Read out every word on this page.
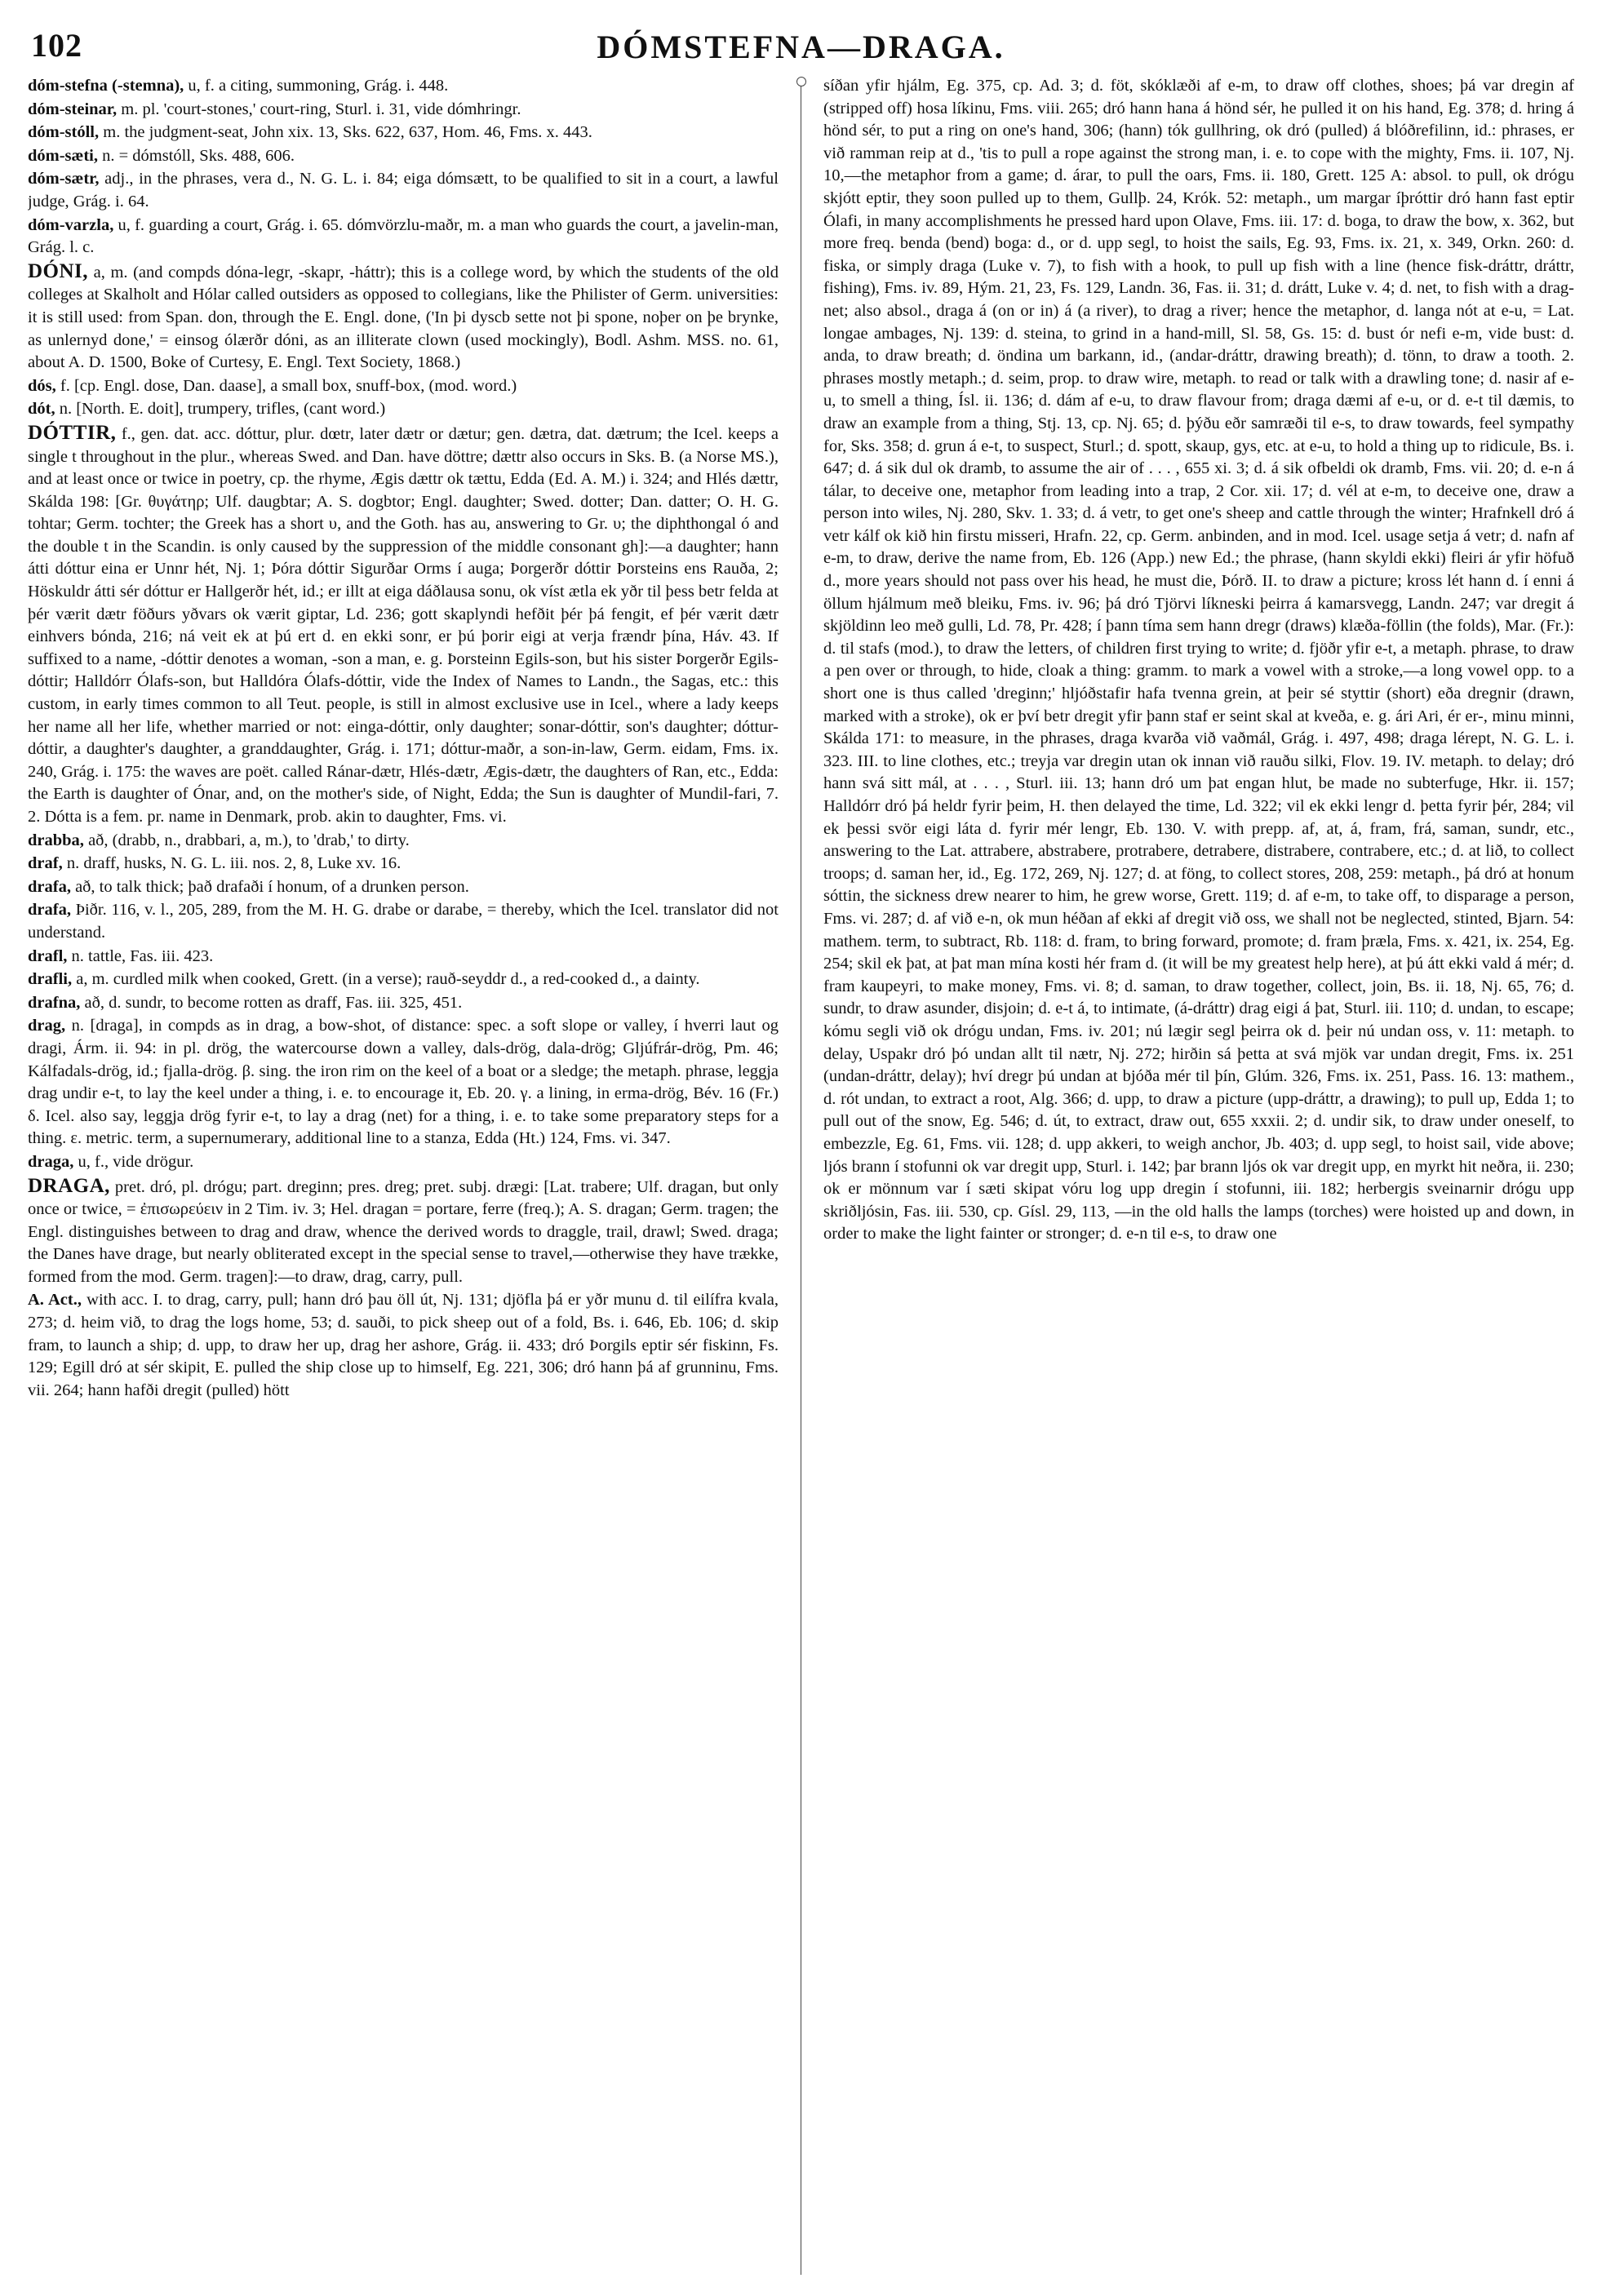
102	DÓMSTEFNA—DRAGA.

dóm-stefna (-stemna), u, f. a citing, summoning, Grág. i. 448.

dóm-steinar, m. pl. 'court-stones,' court-ring, Sturl. i. 31, vide dómhringr.

dóm-stóll, m. the judgment-seat, John xix. 13, Sks. 622, 637, Hom. 46, Fms. x. 443.

dóm-sæti, n. = dómstóll, Sks. 488, 606.

dóm-sætr, adj., in the phrases, vera d., N. G. L. i. 84; eiga dómsætt, to be qualified to sit in a court, a lawful judge, Grág. i. 64.

dóm-varzla, u, f. guarding a court, Grág. i. 65. dómvörzlu-maðr, m. a man who guards the court, a javelin-man, Grág. l. c.

DÓNI, a, m. (and compds dóna-legr, -skapr, -háttr); this is a college word, by which the students of the old colleges at Skalholt and Hólar called outsiders as opposed to collegians, like the Philister of Germ. universities: it is still used: from Span. don, through the E. Engl. done, ('In þi dyscb sette not þi spone, noþer on þe brynke, as unlernyd done,' = einsog ólærðr dóni, as an illiterate clown (used mockingly), Bodl. Ashm. MSS. no. 61, about A. D. 1500, Boke of Curtesy, E. Engl. Text Society, 1868.)

dós, f. [cp. Engl. dose, Dan. daase], a small box, snuff-box, (mod. word.)

dót, n. [North. E. doit], trumpery, trifles, (cant word.)

DÓTTIR, f., gen. dat. acc. dóttur, plur. dœtr, later dætr or dætur; gen. dætra, dat. dætrum; the Icel. keeps a single t throughout in the plur., whereas Swed. and Dan. have döttre; dættr also occurs in Sks. B. (a Norse MS.), and at least once or twice in poetry, cp. the rhyme, Ægis dættr ok tættu, Edda (Ed. A. M.) i. 324; and Hlés dættr, Skálda 198: [Gr. θυγάτηρ; Ulf. daugbtar; A. S. dogbtor; Engl. daughter; Swed. dotter; Dan. datter; O. H. G. tohtar; Germ. tochter; the Greek has a short υ, and the Goth. has au, answering to Gr. υ; the diphthongal ó and the double t in the Scandin. is only caused by the suppression of the middle consonant gh]:—a daughter; hann átti dóttur eina er Unnr hét, Nj. 1; Þóra dóttir Sigurðar Orms í auga; Þorgerðr dóttir Þorsteins ens Rauða, 2; Höskuldr átti sér dóttur er Hallgerðr hét, id.; er illt at eiga dáðlausa sonu, ok víst ætla ek yðr til þess betr felda at þér værit dætr föðurs yðvars ok værit giptar, Ld. 236; gott skaplyndi hefðit þér þá fengit, ef þér værit dætr einhvers bónda, 216; ná veit ek at þú ert d. en ekki sonr, er þú þorir eigi at verja frændr þína, Háv. 43. If suffixed to a name, -dóttir denotes a woman, -son a man, e. g. Þorsteinn Egils-son, but his sister Þorgerðr Egils-dóttir; Halldórr Ólafs-son, but Halldóra Ólafs-dóttir, vide the Index of Names to Landn., the Sagas, etc.: this custom, in early times common to all Teut. people, is still in almost exclusive use in Icel., where a lady keeps her name all her life, whether married or not: einga-dóttir, only daughter; sonar-dóttir, son's daughter; dóttur-dóttir, a daughter's daughter, a granddaughter, Grág. i. 171; dóttur-maðr, a son-in-law, Germ. eidam, Fms. ix. 240, Grág. i. 175: the waves are poët. called Ránar-dætr, Hlés-dætr, Ægis-dætr, the daughters of Ran, etc., Edda: the Earth is daughter of Ónar, and, on the mother's side, of Night, Edda; the Sun is daughter of Mundil-fari, 7. 2. Dótta is a fem. pr. name in Denmark, prob. akin to daughter, Fms. vi.

drabba, að, (drabb, n., drabbari, a, m.), to 'drab,' to dirty.

draf, n. draff, husks, N. G. L. iii. nos. 2, 8, Luke xv. 16.

drafa, að, to talk thick; það drafaði í honum, of a drunken person.

drafa, Þiðr. 116, v. l., 205, 289, from the M. H. G. drabe or darabe, = thereby, which the Icel. translator did not understand.

drafl, n. tattle, Fas. iii. 423.

drafli, a, m. curdled milk when cooked, Grett. (in a verse); rauð-seyddr d., a red-cooked d., a dainty.

drafna, að, d. sundr, to become rotten as draff, Fas. iii. 325, 451.

drag, n. [draga], in compds as in drag, a bow-shot, of distance: spec. a soft slope or valley, í hverri laut og dragi, Árm. ii. 94: in pl. drög, the watercourse down a valley, dals-drög, dala-drög; Gljúfrár-drög, Pm. 46; Kálfadals-drög, id.; fjalla-drög. β. sing. the iron rim on the keel of a boat or a sledge; the metaph. phrase, leggja drag undir e-t, to lay the keel under a thing, i. e. to encourage it, Eb. 20. γ. a lining, in erma-drög, Bév. 16 (Fr.) δ. Icel. also say, leggja drög fyrir e-t, to lay a drag (net) for a thing, i. e. to take some preparatory steps for a thing. ε. metric. term, a supernumerary, additional line to a stanza, Edda (Ht.) 124, Fms. vi. 347.

draga, u, f., vide drögur.

DRAGA, pret. dró, pl. drógu; part. dreginn; pres. dreg; pret. subj. drægi: [Lat. trabere; Ulf. dragan, but only once or twice, = ἐπισωρεύειν in 2 Tim. iv. 3; Hel. dragan = portare, ferre (freq.); A. S. dragan; Germ. tragen; the Engl. distinguishes between to drag and draw, whence the derived words to draggle, trail, drawl; Swed. draga; the Danes have drage, but nearly obliterated except in the special sense to travel,—otherwise they have trække, formed from the mod. Germ. tragen]:—to draw, drag, carry, pull.

A. Act., with acc. I. to drag, carry, pull; hann dró þau öll út, Nj. 131; djöfla þá er yðr munu d. til eilífra kvala, 273; d. heim við, to drag the logs home, 53; d. sauði, to pick sheep out of a fold, Bs. i. 646, Eb. 106; d. skip fram, to launch a ship; d. upp, to draw her up, drag her ashore, Grág. ii. 433; dró Þorgils eptir sér fiskinn, Fs. 129; Egill dró at sér skipit, E. pulled the ship close up to himself, Eg. 221, 306; dró hann þá af grunninu, Fms. vii. 264; hann hafði dregit (pulled) hött

síðan yfir hjálm, Eg. 375, cp. Ad. 3; d. föt, skóklæði af e-m, to draw off clothes, shoes; þá var dregin af (stripped off) hosa líkinu, Fms. viii. 265; dró hann hana á hönd sér, he pulled it on his hand, Eg. 378; d. hring á hönd sér, to put a ring on one's hand, 306; (hann) tók gullhring, ok dró (pulled) á blóðrefilinn, id.: phrases, er við ramman reip at d., 'tis to pull a rope against the strong man, i. e. to cope with the mighty, Fms. ii. 107, Nj. 10,—the metaphor from a game; d. árar, to pull the oars, Fms. ii. 180, Grett. 125 A: absol. to pull, ok drógu skjótt eptir, they soon pulled up to them, Gullþ. 24, Krók. 52: metaph., um margar íþróttir dró hann fast eptir Ólafi, in many accomplishments he pressed hard upon Olave, Fms. iii. 17: d. boga, to draw the bow, x. 362, but more freq. benda (bend) boga: d., or d. upp segl, to hoist the sails, Eg. 93, Fms. ix. 21, x. 349, Orkn. 260: d. fiska, or simply draga (Luke v. 7), to fish with a hook, to pull up fish with a line (hence fisk-dráttr, dráttr, fishing), Fms. iv. 89, Hým. 21, 23, Fs. 129, Landn. 36, Fas. ii. 31; d. drátt, Luke v. 4; d. net, to fish with a drag-net; also absol., draga á (on or in) á (a river), to drag a river; hence the metaphor, d. langa nót at e-u, = Lat. longae ambages, Nj. 139: d. steina, to grind in a hand-mill, Sl. 58, Gs. 15: d. bust ór nefi e-m, vide bust: d. anda, to draw breath; d. öndina um barkann, id., (andar-dráttr, drawing breath); d. tönn, to draw a tooth. 2. phrases mostly metaph.; d. seim, prop. to draw wire, metaph. to read or talk with a drawling tone; d. nasir af e-u, to smell a thing, Ísl. ii. 136; d. dám af e-u, to draw flavour from; draga dæmi af e-u, or d. e-t til dæmis, to draw an example from a thing, Stj. 13, cp. Nj. 65; d. þýðu eðr samræði til e-s, to draw towards, feel sympathy for, Sks. 358; d. grun á e-t, to suspect, Sturl.; d. spott, skaup, gys, etc. at e-u, to hold a thing up to ridicule, Bs. i. 647; d. á sik dul ok dramb, to assume the air of . . . , 655 xi. 3; d. á sik ofbeldi ok dramb, Fms. vii. 20; d. e-n á tálar, to deceive one, metaphor from leading into a trap, 2 Cor. xii. 17; d. vél at e-m, to deceive one, draw a person into wiles, Nj. 280, Skv. 1. 33; d. á vetr, to get one's sheep and cattle through the winter; Hrafnkell dró á vetr kálf ok kið hin firstu misseri, Hrafn. 22, cp. Germ. anbinden, and in mod. Icel. usage setja á vetr; d. nafn af e-m, to draw, derive the name from, Eb. 126 (App.) new Ed.; the phrase, (hann skyldi ekki) fleiri ár yfir höfuð d., more years should not pass over his head, he must die, Þórð. II. to draw a picture; kross lét hann d. í enni á öllum hjálmum með bleiku, Fms. iv. 96; þá dró Tjörvi líkneski þeirra á kamarsvegg, Landn. 247; var dregit á skjöldinn leo með gulli, Ld. 78, Pr. 428; í þann tíma sem hann dregr (draws) klæða-föllin (the folds), Mar. (Fr.): d. til stafs (mod.), to draw the letters, of children first trying to write; d. fjöðr yfir e-t, a metaph. phrase, to draw a pen over or through, to hide, cloak a thing: gramm. to mark a vowel with a stroke,—a long vowel opp. to a short one is thus called 'dreginn;' hljóðstafir hafa tvenna grein, at þeir sé styttir (short) eða dregnir (drawn, marked with a stroke), ok er því betr dregit yfir þann staf er seint skal at kveða, e. g. ári Ari, ér er-, minu minni, Skálda 171: to measure, in the phrases, draga kvarða við vaðmál, Grág. i. 497, 498; draga lérept, N. G. L. i. 323. III. to line clothes, etc.; treyja var dregin utan ok innan við rauðu silki, Flov. 19. IV. metaph. to delay; dró hann svá sitt mál, at . . . , Sturl. iii. 13; hann dró um þat engan hlut, be made no subterfuge, Hkr. ii. 157; Halldórr dró þá heldr fyrir þeim, H. then delayed the time, Ld. 322; vil ek ekki lengr d. þetta fyrir þér, 284; vil ek þessi svör eigi láta d. fyrir mér lengr, Eb. 130. V. with prepp. af, at, á, fram, frá, saman, sundr, etc., answering to the Lat. attrabere, abstrabere, protrabere, detrabere, distrabere, contrabere, etc.; d. at lið, to collect troops; d. saman her, id., Eg. 172, 269, Nj. 127; d. at föng, to collect stores, 208, 259: metaph., þá dró at honum sóttin, the sickness drew nearer to him, he grew worse, Grett. 119; d. af e-m, to take off, to disparage a person, Fms. vi. 287; d. af við e-n, ok mun héðan af ekki af dregit við oss, we shall not be neglected, stinted, Bjarn. 54: mathem. term, to subtract, Rb. 118: d. fram, to bring forward, promote; d. fram þræla, Fms. x. 421, ix. 254, Eg. 254; skil ek þat, at þat man mína kosti hér fram d. (it will be my greatest help here), at þú átt ekki vald á mér; d. fram kaupeyri, to make money, Fms. vi. 8; d. saman, to draw together, collect, join, Bs. ii. 18, Nj. 65, 76; d. sundr, to draw asunder, disjoin; d. e-t á, to intimate, (á-dráttr) drag eigi á þat, Sturl. iii. 110; d. undan, to escape; kómu segli við ok drógu undan, Fms. iv. 201; nú lægir segl þeirra ok d. þeir nú undan oss, v. 11: metaph. to delay, Uspakr dró þó undan allt til nætr, Nj. 272; hirðin sá þetta at svá mjök var undan dregit, Fms. ix. 251 (undan-dráttr, delay); hví dregr þú undan at bjóða mér til þín, Glúm. 326, Fms. ix. 251, Pass. 16. 13: mathem., d. rót undan, to extract a root, Alg. 366; d. upp, to draw a picture (upp-dráttr, a drawing); to pull up, Edda 1; to pull out of the snow, Eg. 546; d. út, to extract, draw out, 655 xxxii. 2; d. undir sik, to draw under oneself, to embezzle, Eg. 61, Fms. vii. 128; d. upp akkeri, to weigh anchor, Jb. 403; d. upp segl, to hoist sail, vide above; ljós brann í stofunni ok var dregit upp, Sturl. i. 142; þar brann ljós ok var dregit upp, en myrkt hit neðra, ii. 230; ok er mönnum var í sæti skipat vóru log upp dregin í stofunni, iii. 182; herbergis sveinarnir drógu upp skriðljósin, Fas. iii. 530, cp. Gísl. 29, 113, —in the old halls the lamps (torches) were hoisted up and down, in order to make the light fainter or stronger; d. e-n til e-s, to draw one
